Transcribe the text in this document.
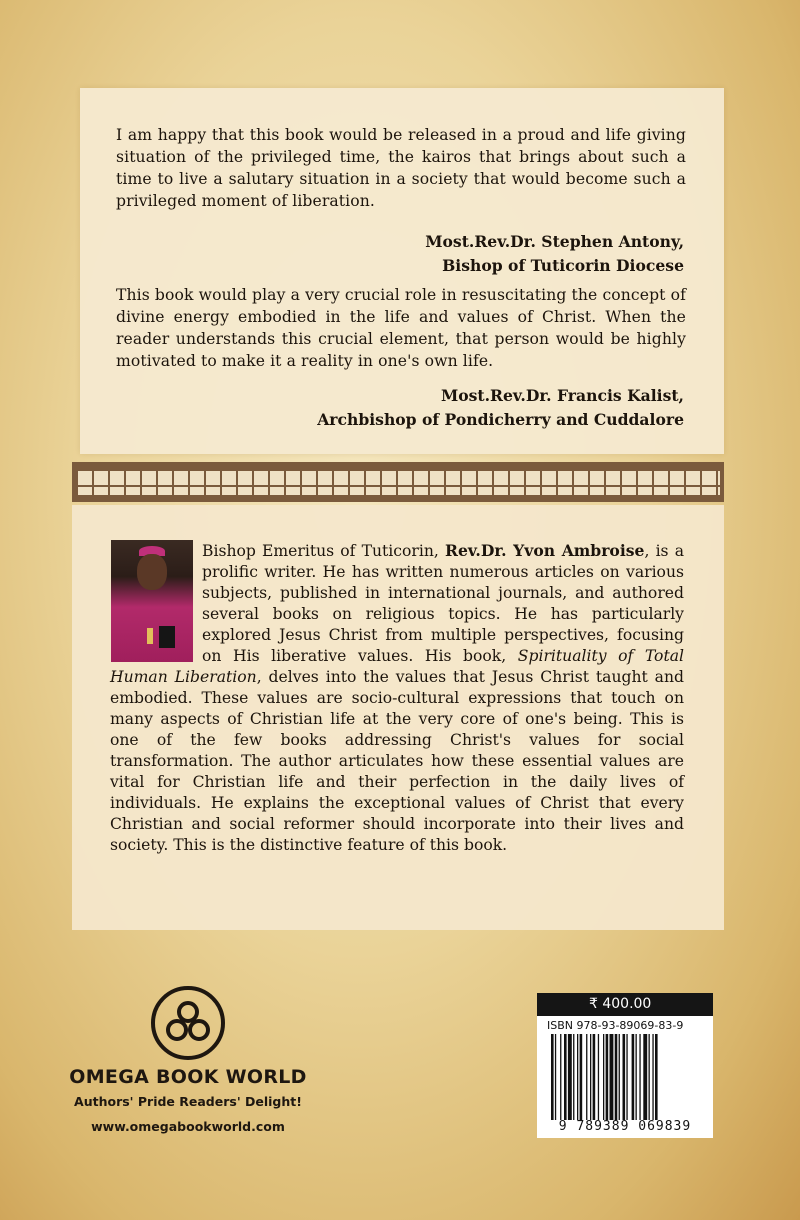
I am happy that this book would be released in a proud and life giving situation of the privileged time, the kairos that brings about such a time to live a salutary situation in a society that would become such a privileged moment of liberation.

Most.Rev.Dr. Stephen Antony,
Bishop of Tuticorin Diocese

This book would play a very crucial role in resuscitating the concept of divine energy embodied in the life and values of Christ. When the reader understands this crucial element, that person would be highly motivated to make it a reality in one's own life.

Most.Rev.Dr. Francis Kalist,
Archbishop of Pondicherry and Cuddalore
Bishop Emeritus of Tuticorin, Rev.Dr. Yvon Ambroise, is a prolific writer. He has written numerous articles on various subjects, published in international journals, and authored several books on religious topics. He has particularly explored Jesus Christ from multiple perspectives, focusing on His liberative values. His book, Spirituality of Total Human Liberation, delves into the values that Jesus Christ taught and embodied. These values are socio-cultural expressions that touch on many aspects of Christian life at the very core of one's being. This is one of the few books addressing Christ's values for social transformation. The author articulates how these essential values are vital for Christian life and their perfection in the daily lives of individuals. He explains the exceptional values of Christ that every Christian and social reformer should incorporate into their lives and society. This is the distinctive feature of this book.
OMEGA BOOK WORLD
Authors' Pride Readers' Delight!
www.omegabookworld.com
₹ 400.00
ISBN 978-93-89069-83-9
9 789389 069839
